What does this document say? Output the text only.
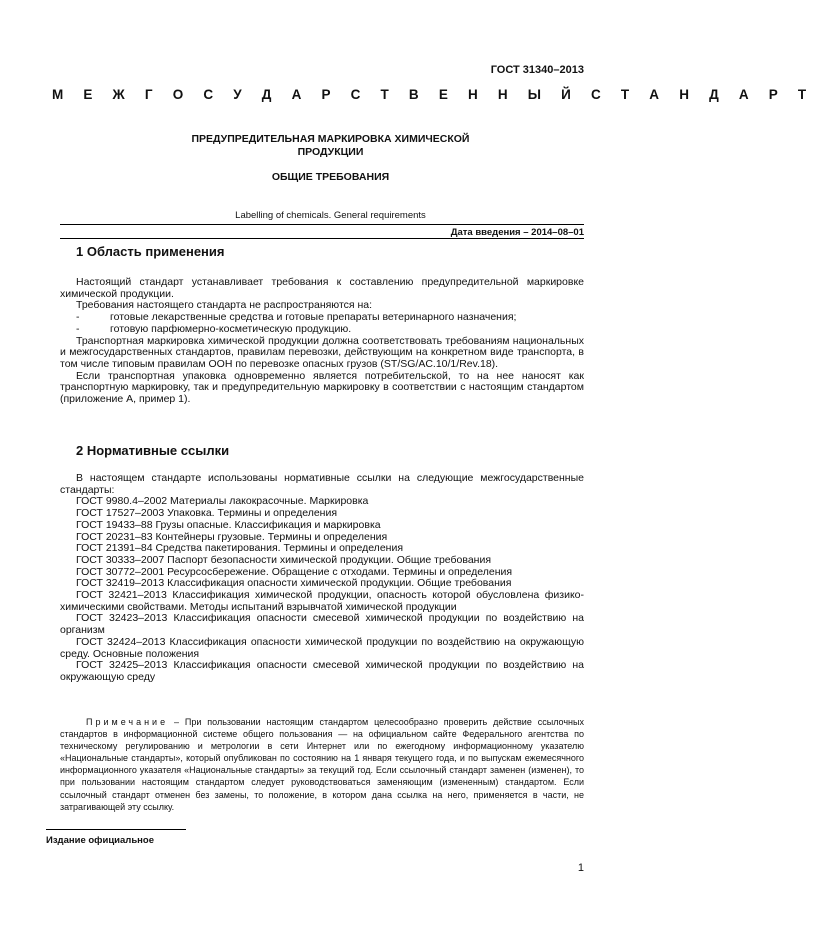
ГОСТ 31340–2013
М Е Ж Г О С У Д А Р С Т В Е Н Н Ы Й С Т А Н Д А Р Т
ПРЕДУПРЕДИТЕЛЬНАЯ МАРКИРОВКА ХИМИЧЕСКОЙ
ПРОДУКЦИИ
ОБЩИЕ ТРЕБОВАНИЯ
Labelling of chemicals. General requirements
Дата введения – 2014–08–01
1 Область применения

Настоящий стандарт устанавливает требования к составлению предупредительной маркировке химической продукции.

Требования настоящего стандарта не распространяются на:

-	готовые лекарственные средства и готовые препараты ветеринарного назначения;
-	готовую парфюмерно-косметическую продукцию.

Транспортная маркировка химической продукции должна соответствовать требованиям национальных и межгосударственных стандартов, правилам перевозки, действующим на конкретном виде транспорта, в том числе типовым правилам ООН по перевозке опасных грузов (ST/SG/AC.10/1/Rev.18).

Если транспортная упаковка одновременно является потребительской, то на нее наносят как транспортную маркировку, так и предупредительную маркировку в соответствии с настоящим стандартом (приложение А, пример 1).

2 Нормативные ссылки

В настоящем стандарте использованы нормативные ссылки на следующие межгосударственные стандарты:

ГОСТ 9980.4–2002 Материалы лакокрасочные. Маркировка

ГОСТ 17527–2003 Упаковка. Термины и определения

ГОСТ 19433–88 Грузы опасные. Классификация и маркировка

ГОСТ 20231–83 Контейнеры грузовые. Термины и определения

ГОСТ 21391–84 Средства пакетирования. Термины и определения

ГОСТ 30333–2007 Паспорт безопасности химической продукции. Общие требования

ГОСТ 30772–2001 Ресурсосбережение. Обращение с отходами. Термины и определения

ГОСТ 32419–2013 Классификация опасности химической продукции. Общие требования

ГОСТ 32421–2013 Классификация химической продукции, опасность которой обусловлена физико-химическими свойствами. Методы испытаний взрывчатой химической продукции

ГОСТ 32423–2013 Классификация опасности смесевой химической продукции по воздействию на организм

ГОСТ 32424–2013 Классификация опасности химической продукции по воздействию на окружающую среду. Основные положения

ГОСТ 32425–2013 Классификация опасности смесевой химической продукции по воздействию на окружающую среду

Примечание – При пользовании настоящим стандартом целесообразно проверить действие ссылочных стандартов в информационной системе общего пользования — на официальном сайте Федерального агентства по техническому регулированию и метрологии в сети Интернет или по ежегодному информационному указателю «Национальные стандарты», который опубликован по состоянию на 1 января текущего года, и по выпускам ежемесячного информационного указателя «Национальные стандарты» за текущий год. Если ссылочный стандарт заменен (изменен), то при пользовании настоящим стандартом следует руководствоваться заменяющим (измененным) стандартом. Если ссылочный стандарт отменен без замены, то положение, в котором дана ссылка на него, применяется в части, не затрагивающей эту ссылку.

Издание официальное
1
